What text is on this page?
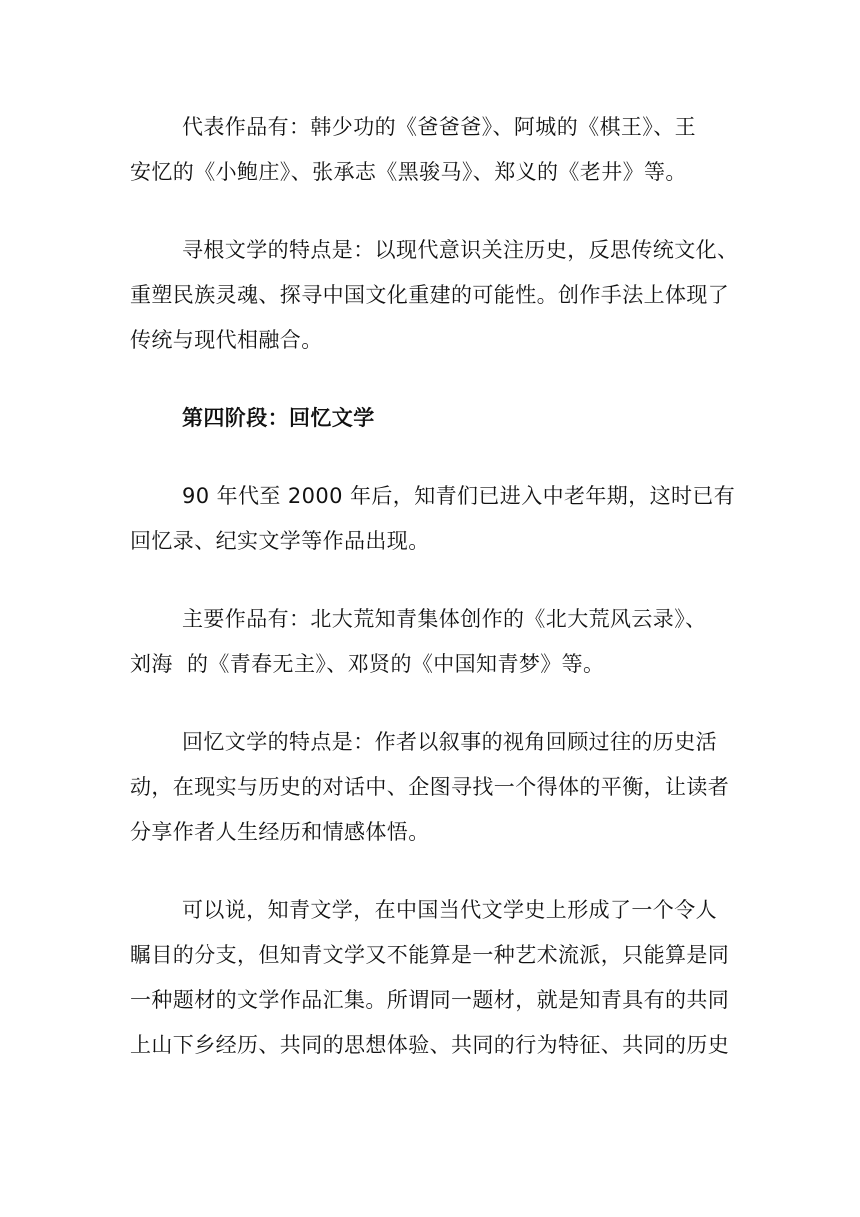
代表作品有：韩少功的《爸爸爸》、阿城的《棋王》、王
安忆的《小鲍庄》、张承志《黑骏马》、郑义的《老井》等。
寻根文学的特点是：以现代意识关注历史，反思传统文化、
重塑民族灵魂、探寻中国文化重建的可能性。创作手法上体现了
传统与现代相融合。
第四阶段：回忆文学
90 年代至 2000 年后，知青们已进入中老年期，这时已有
回忆录、纪实文学等作品出现。
主要作品有：北大荒知青集体创作的《北大荒风云录》、
刘海  的《青春无主》、邓贤的《中国知青梦》等。
回忆文学的特点是：作者以叙事的视角回顾过往的历史活
动，在现实与历史的对话中、企图寻找一个得体的平衡，让读者
分享作者人生经历和情感体悟。
可以说，知青文学，在中国当代文学史上形成了一个令人
瞩目的分支，但知青文学又不能算是一种艺术流派，只能算是同
一种题材的文学作品汇集。所谓同一题材，就是知青具有的共同
上山下乡经历、共同的思想体验、共同的行为特征、共同的历史
